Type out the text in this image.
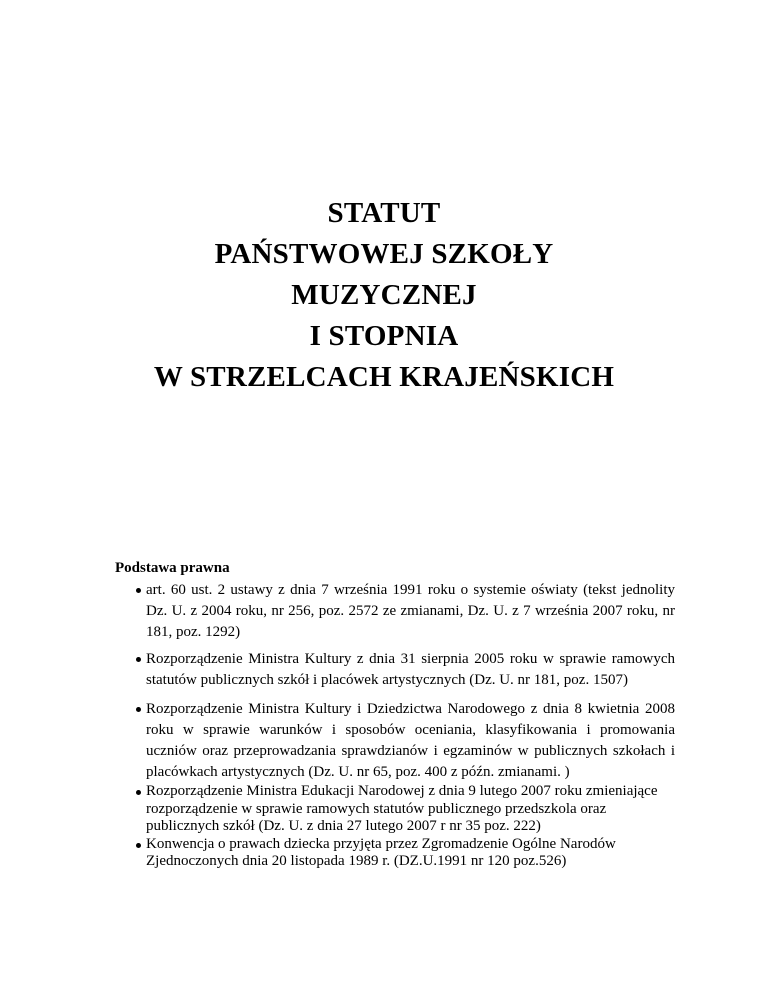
STATUT
PAŃSTWOWEJ SZKOŁY
MUZYCZNEJ
I STOPNIA
W STRZELCACH KRAJEŃSKICH
Podstawa prawna
art. 60 ust. 2 ustawy z dnia 7 września 1991 roku o systemie oświaty (tekst jednolity Dz. U. z 2004 roku, nr 256, poz. 2572 ze zmianami, Dz. U. z 7 września 2007 roku, nr 181, poz. 1292)
Rozporządzenie Ministra Kultury z dnia 31 sierpnia 2005 roku w sprawie ramowych statutów publicznych szkół i placówek artystycznych (Dz. U. nr 181, poz. 1507)
Rozporządzenie Ministra Kultury i Dziedzictwa Narodowego z dnia 8 kwietnia 2008 roku w sprawie warunków i sposobów oceniania, klasyfikowania i promowania uczniów oraz przeprowadzania sprawdzianów i egzaminów w publicznych szkołach i placówkach artystycznych (Dz. U. nr 65, poz. 400 z późn. zmianami. )
Rozporządzenie Ministra Edukacji Narodowej z dnia 9 lutego 2007 roku zmieniające rozporządzenie w sprawie ramowych statutów publicznego przedszkola oraz publicznych szkół (Dz. U. z dnia 27 lutego 2007 r nr 35 poz. 222)
Konwencja o prawach dziecka przyjęta przez Zgromadzenie Ogólne Narodów Zjednoczonych dnia 20 listopada 1989 r. (DZ.U.1991 nr 120 poz.526)
